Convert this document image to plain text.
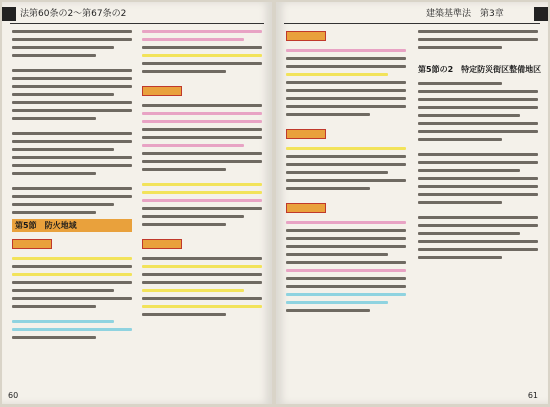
法第60条の2～第67条の2
第5節　防火地域
60
建築基準法　第3章
第5節の2　特定防災街区整備地区
61
